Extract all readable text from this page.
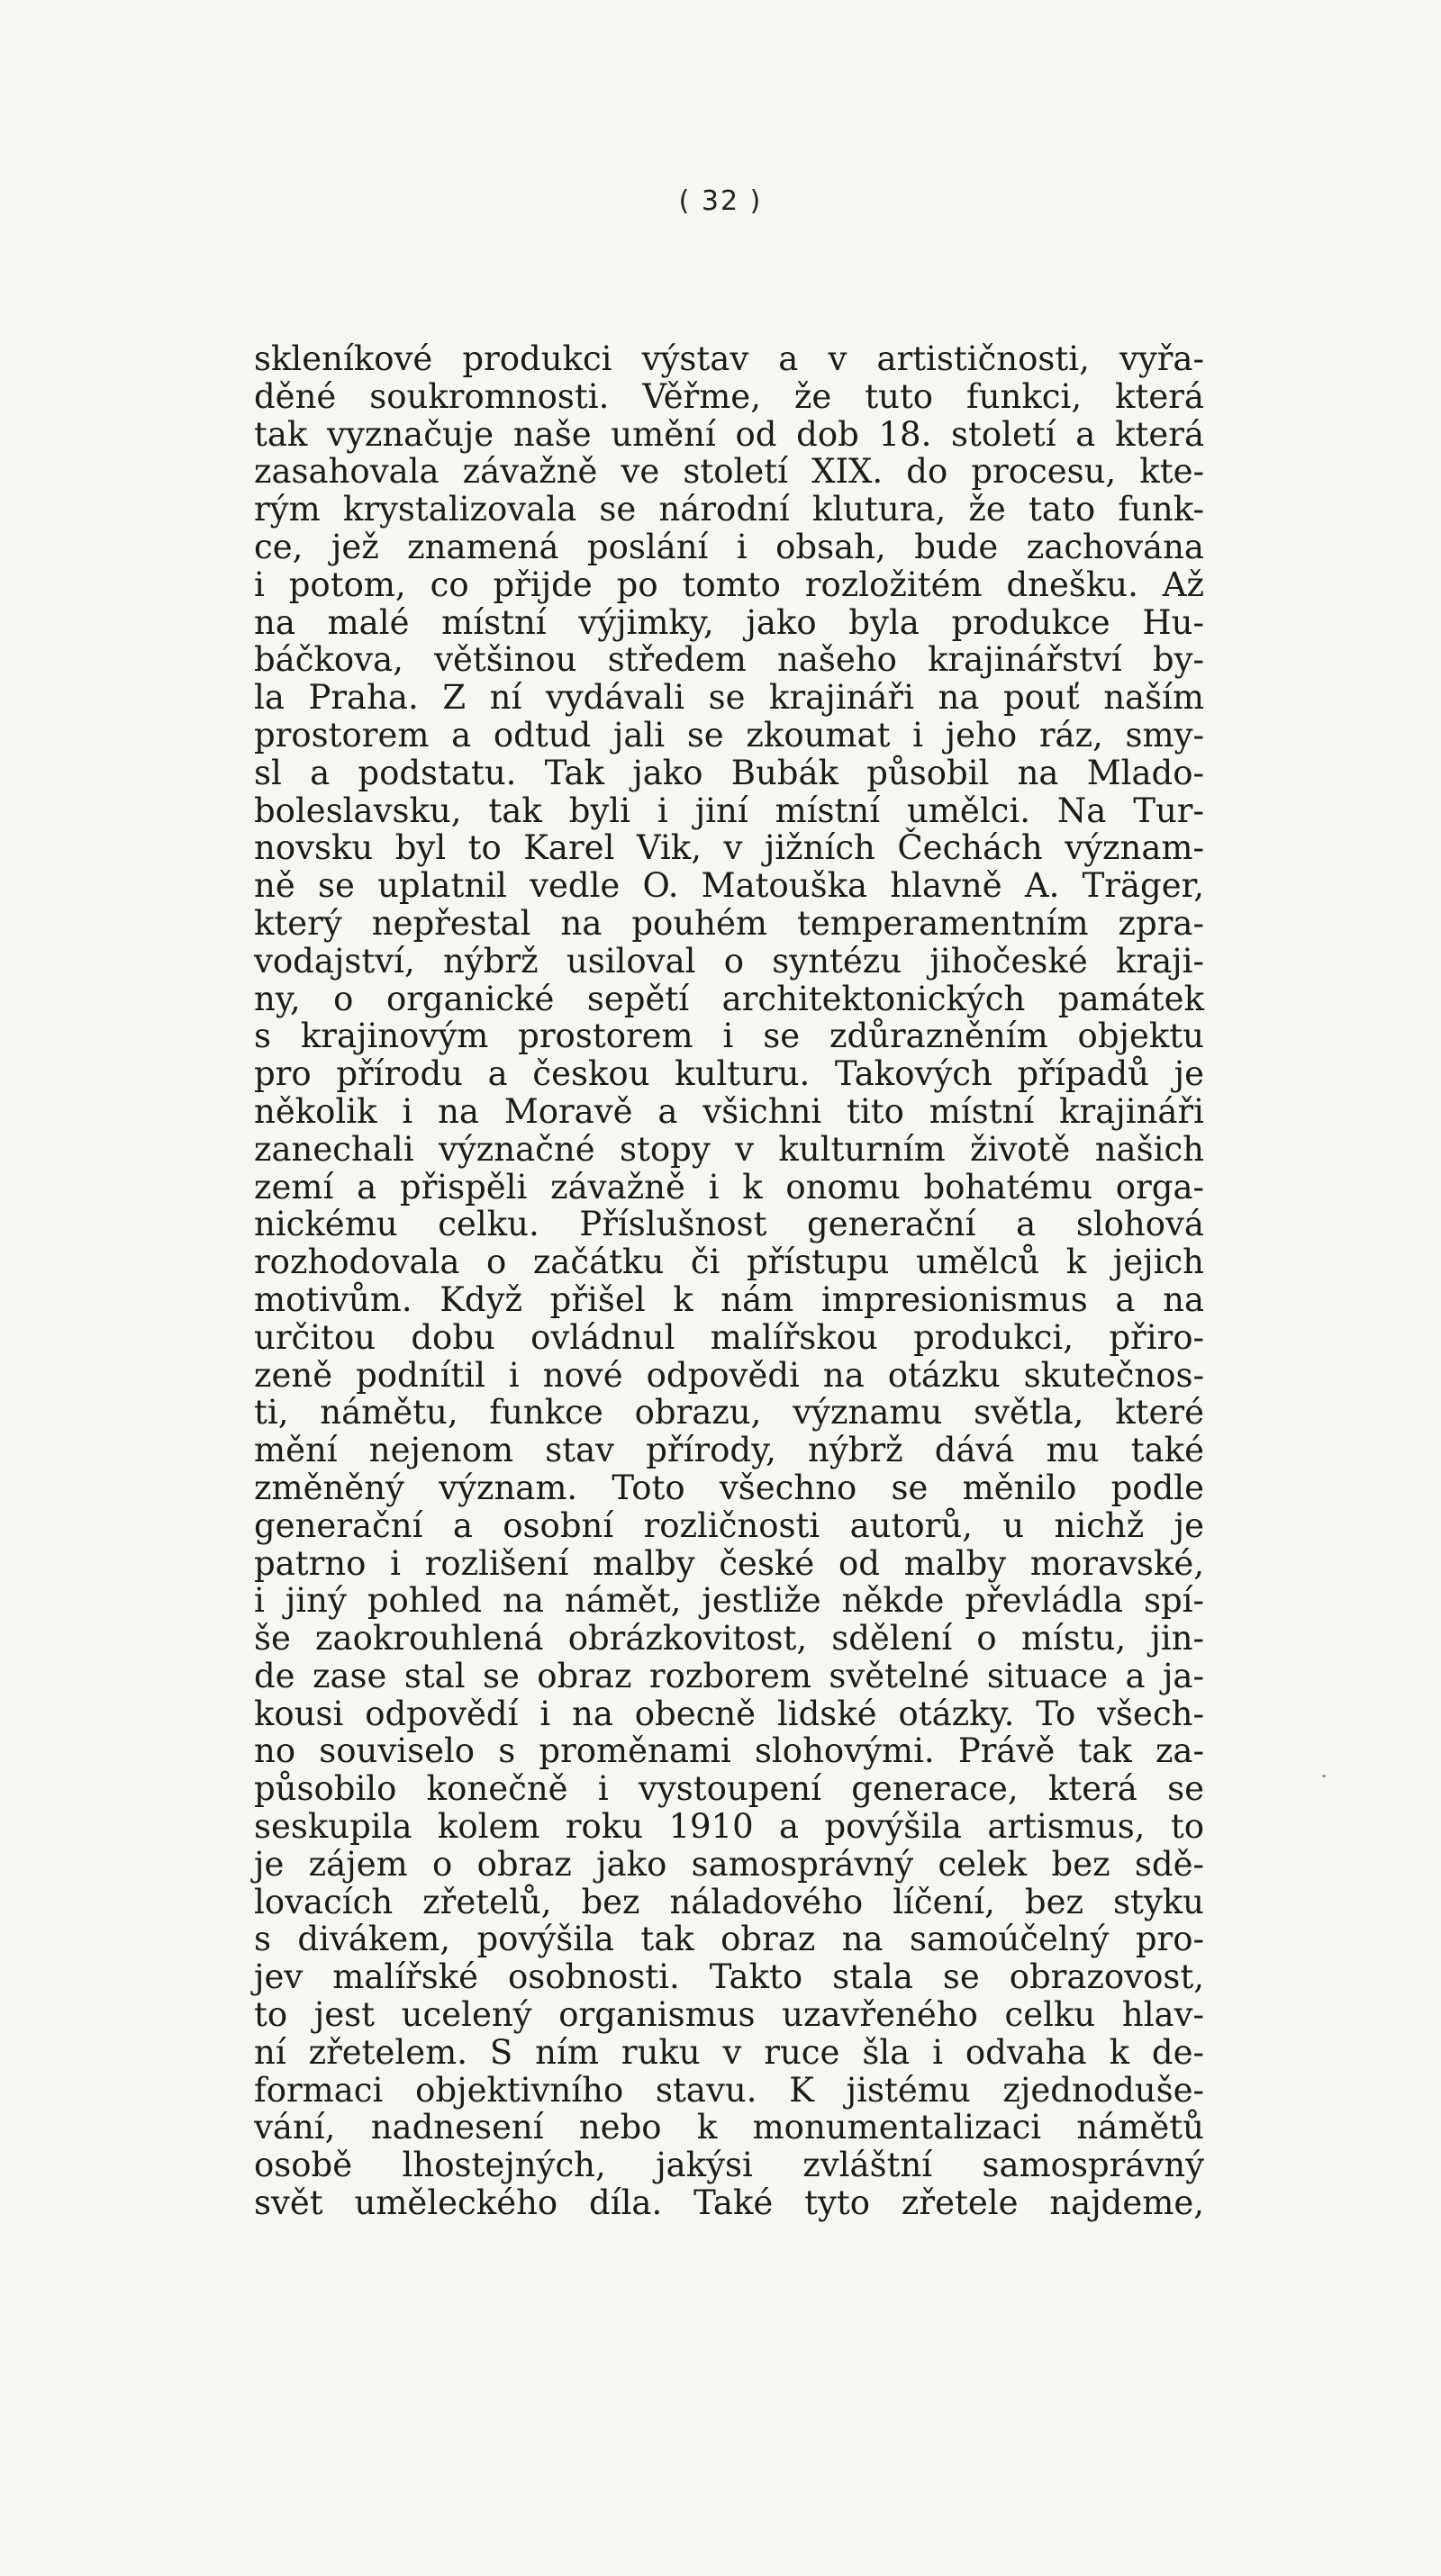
( 32 )
skleníkové produkci výstav a v artističnosti, vyřa-
děné soukromnosti. Věřme, že tuto funkci, která
tak vyznačuje naše umění od dob 18. století a která
zasahovala závažně ve století XIX. do procesu, kte-
rým krystalizovala se národní klutura, že tato funk-
ce, jež znamená poslání i obsah, bude zachována
i potom, co přijde po tomto rozložitém dnešku. Až
na malé místní výjimky, jako byla produkce Hu-
báčkova, většinou středem našeho krajinářství by-
la Praha. Z ní vydávali se krajináři na pouť naším
prostorem a odtud jali se zkoumat i jeho ráz, smy-
sl a podstatu. Tak jako Bubák působil na Mlado-
boleslavsku, tak byli i jiní místní umělci. Na Tur-
novsku byl to Karel Vik, v jižních Čechách význam-
ně se uplatnil vedle O. Matouška hlavně A. Träger,
který nepřestal na pouhém temperamentním zpra-
vodajství, nýbrž usiloval o syntézu jihočeské kraji-
ny, o organické sepětí architektonických památek
s krajinovým prostorem i se zdůrazněním objektu
pro přírodu a českou kulturu. Takových případů je
několik i na Moravě a všichni tito místní krajináři
zanechali význačné stopy v kulturním životě našich
zemí a přispěli závažně i k onomu bohatému orga-
nickému celku. Příslušnost generační a slohová
rozhodovala o začátku či přístupu umělců k jejich
motivům. Když přišel k nám impresionismus a na
určitou dobu ovládnul malířskou produkci, přiro-
zeně podnítil i nové odpovědi na otázku skutečnos-
ti, námětu, funkce obrazu, významu světla, které
mění nejenom stav přírody, nýbrž dává mu také
změněný význam. Toto všechno se měnilo podle
generační a osobní rozličnosti autorů, u nichž je
patrno i rozlišení malby české od malby moravské,
i jiný pohled na námět, jestliže někde převládla spí-
še zaokrouhlená obrázkovitost, sdělení o místu, jin-
de zase stal se obraz rozborem světelné situace a ja-
kousi odpovědí i na obecně lidské otázky. To všech-
no souviselo s proměnami slohovými. Právě tak za-
působilo konečně i vystoupení generace, která se
seskupila kolem roku 1910 a povýšila artismus, to
je zájem o obraz jako samosprávný celek bez sdě-
lovacích zřetelů, bez náladového líčení, bez styku
s divákem, povýšila tak obraz na samoúčelný pro-
jev malířské osobnosti. Takto stala se obrazovost,
to jest ucelený organismus uzavřeného celku hlav-
ní zřetelem. S ním ruku v ruce šla i odvaha k de-
formaci objektivního stavu. K jistému zjednoduše-
vání, nadnesení nebo k monumentalizaci námětů
osobě lhostejných, jakýsi zvláštní samosprávný
svět uměleckého díla. Také tyto zřetele najdeme,
